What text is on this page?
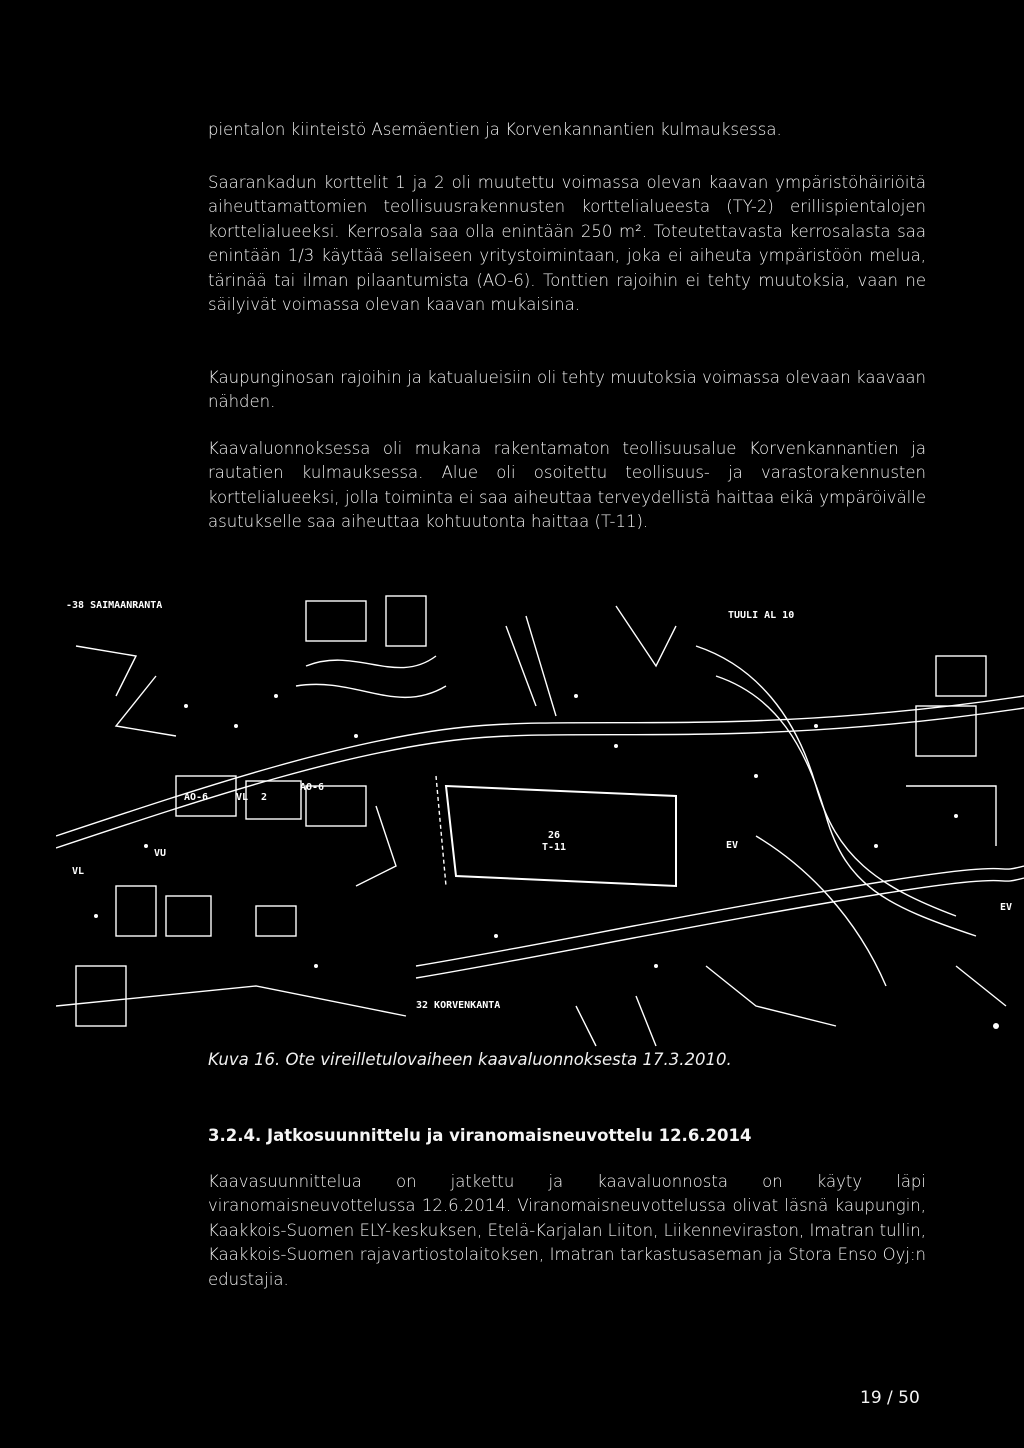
pientalon kiinteistö Asemäentien ja Korvenkannantien kulmauksessa.

Saarankadun korttelit 1 ja 2 oli muutettu voimassa olevan kaavan ympäristöhäiriöitä aiheuttamattomien teollisuusrakennusten korttelialueesta (TY-2) erillispientalojen korttelialueeksi. Kerrosala saa olla enintään 250 m². Toteutettavasta kerrosalasta saa enintään 1/3 käyttää sellaiseen yritystoimintaan, joka ei aiheuta ympäristöön melua, tärinää tai ilman pilaantumista (AO-6). Tonttien rajoihin ei tehty muutoksia, vaan ne säilyivät voimassa olevan kaavan mukaisina.

Kaupunginosan rajoihin ja katualueisiin oli tehty muutoksia voimassa olevaan kaavaan nähden.

Kaavaluonnoksessa oli mukana rakentamaton teollisuusalue Korvenkannantien ja rautatien kulmauksessa. Alue oli osoitettu teollisuus- ja varastorakennusten korttelialueeksi, jolla toiminta ei saa aiheuttaa terveydellistä haittaa eikä ympäröivälle asutukselle saa aiheuttaa kohtuutonta haittaa (T-11).

-38 SAIMAANRANTA
TUULI AL 10
AO-6	VL 2
AO-6
26
T-11	EV
EV
VU
VL
32 KORVENKANTA
Kuva 16. Ote vireilletulovaiheen kaavaluonnoksesta 17.3.2010.
3.2.4. Jatkosuunnittelu ja viranomaisneuvottelu 12.6.2014

Kaavasuunnittelua on jatkettu ja kaavaluonnosta on käyty läpi viranomaisneuvottelussa 12.6.2014. Viranomaisneuvottelussa olivat läsnä kaupungin, Kaakkois-Suomen ELY-keskuksen, Etelä-Karjalan Liiton, Liikenneviraston, Imatran tullin, Kaakkois-Suomen rajavartiostolaitoksen, Imatran tarkastusaseman ja Stora Enso Oyj:n edustajia.

19 / 50
